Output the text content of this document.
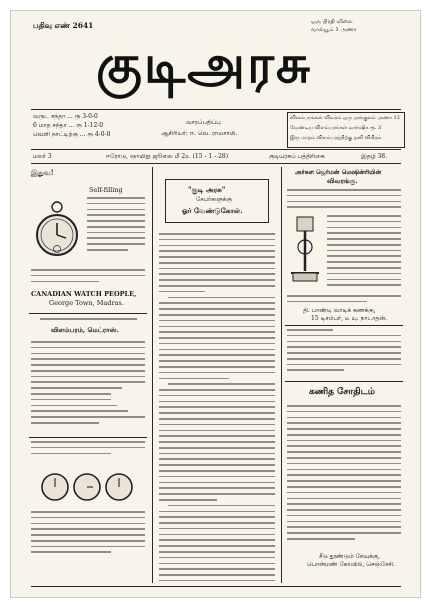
பதிவு எண் 2641	ஒரு பிரதி விலை
வால்யூம் 1 அணா
குடிஅரசு
வருட சந்தா ... ரூ 3-0-0
6 மாத சந்தா ... ரூ 1-12-0
வெளி நாட்டிற்கு ... ரூ 4-0-0
வாரப்பதிப்பு
ஆசிரியர்: ஈ. வெ. ராமசாமி.
விளம்பரங்கள் விவரம் ஒரு அங்குலம் அணா 12
வேண்டிய விளம்பரங்கள் வார்ஷிக ரூ. 3
இரு மாதம் விளம்பரத்திற்கு தனி விகிதம்
மலர் 3	ஈரோடு, ஞாயிறு ஜூலை மீ 2உ (15 - 1 - 28)	குடியரசுப் பத்திரிகை	இதழ் 38.
இதுவ!
Self-filling
CANADIAN WATCH PEOPLE,
George Town, Madras.
விளம்பரம், மெட்ராஸ்.
"குடி அரசு"
சேபர்களுக்கு
ஓர் வேண்டுகோள்.
அர்கள ஜெர்மன் மெஷின்ரியின்
விவரங்கு.
தி. பாண்டி வாடிக் கணக்கு,
15 டிசம்பர், டீ யு. நாடாதன்.
கணித சோதிடம்
சீடு தூண்டும் சேவுக்கு,
பொன்மண் கோவில், செஞ்சேசி.
